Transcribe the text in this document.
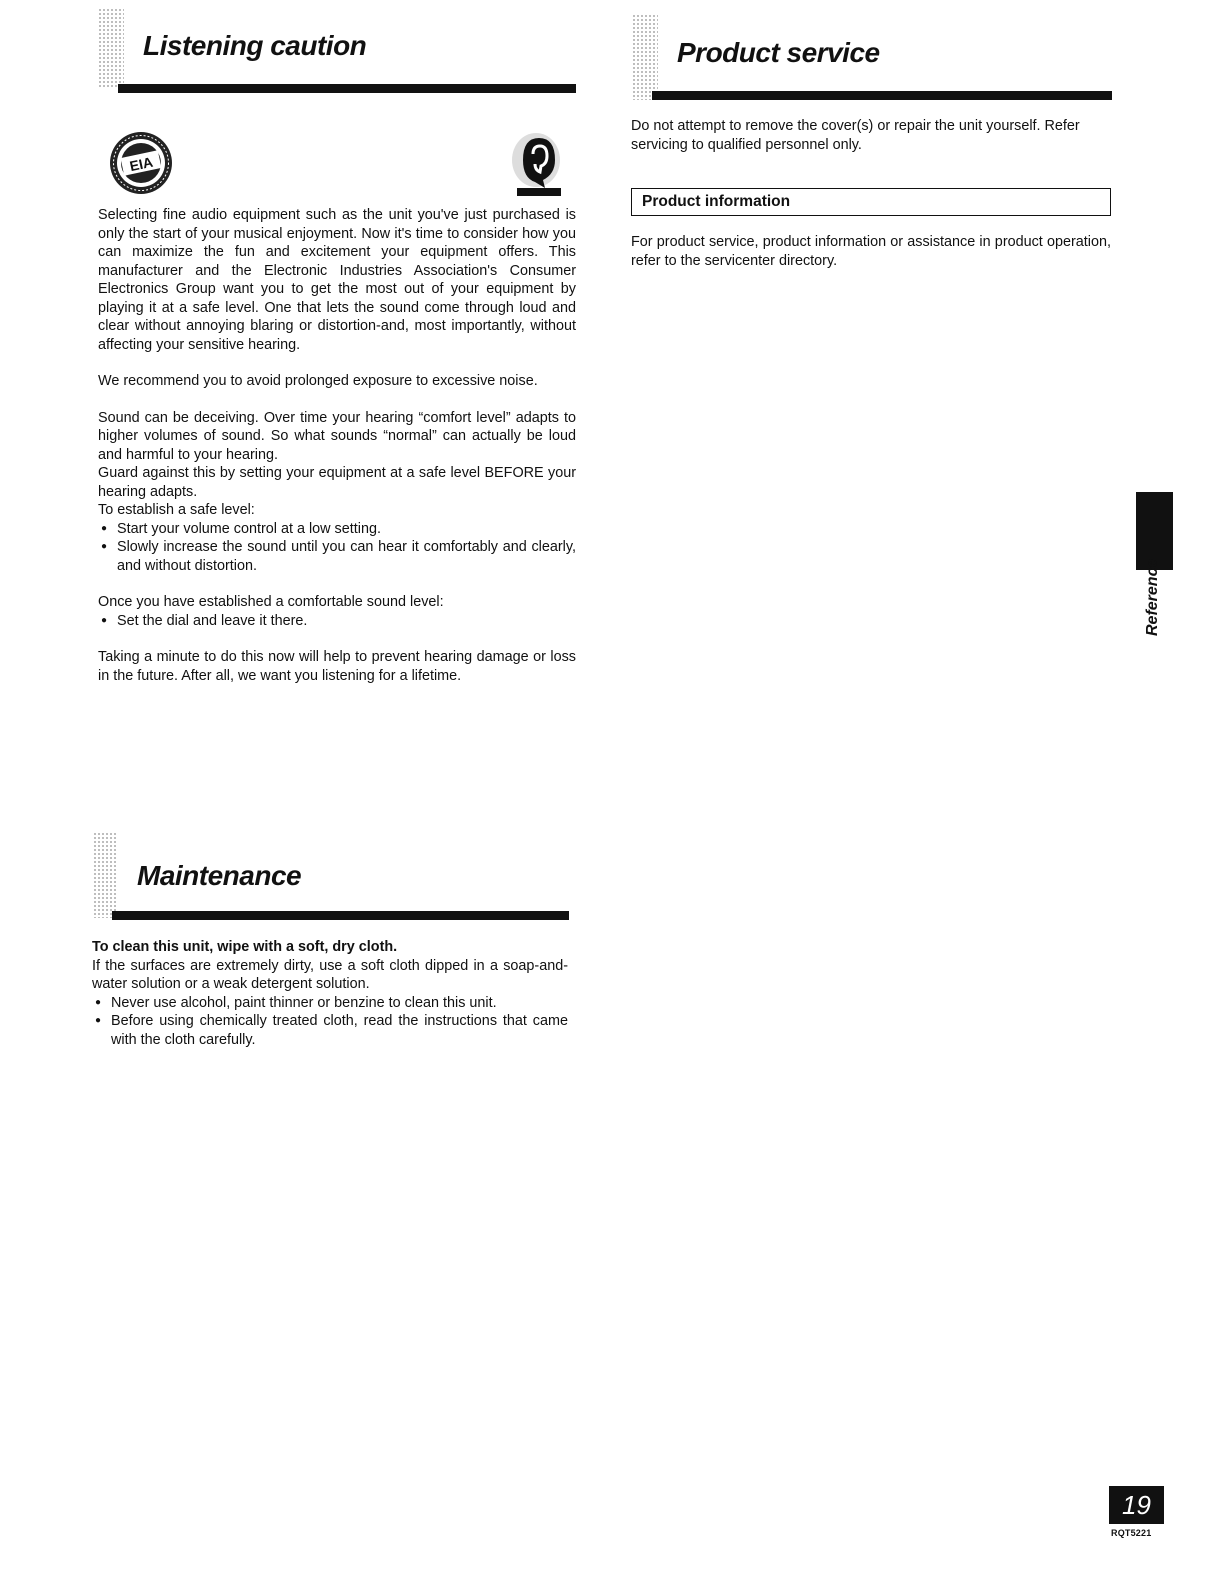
Listening caution
EIA

Selecting fine audio equipment such as the unit you've just purchased is only the start of your musical enjoyment. Now it's time to consider how you can maximize the fun and excitement your equipment offers. This manufacturer and the Electronic Industries Association's Consumer Electronics Group want you to get the most out of your equipment by playing it at a safe level. One that lets the sound come through loud and clear without annoying blaring or distortion-and, most importantly, without affecting your sensitive hearing.

We recommend you to avoid prolonged exposure to excessive noise.

Sound can be deceiving. Over time your hearing “comfort level” adapts to higher volumes of sound. So what sounds “normal” can actually be loud and harmful to your hearing.

Guard against this by setting your equipment at a safe level BEFORE your hearing adapts.

To establish a safe level:

● Start your volume control at a low setting.
● Slowly increase the sound until you can hear it comfortably and clearly, and without distortion.

Once you have established a comfortable sound level:

● Set the dial and leave it there.

Taking a minute to do this now will help to prevent hearing damage or loss in the future. After all, we want you listening for a lifetime.

Maintenance

To clean this unit, wipe with a soft, dry cloth.

If the surfaces are extremely dirty, use a soft cloth dipped in a soap-and-water solution or a weak detergent solution.

● Never use alcohol, paint thinner or benzine to clean this unit.
● Before using chemically treated cloth, read the instructions that came with the cloth carefully.
Product service
Do not attempt to remove the cover(s) or repair the unit yourself. Refer servicing to qualified personnel only.
Product information
For product service, product information or assistance in product operation, refer to the servicenter directory.
Reference
19
RQT5221
